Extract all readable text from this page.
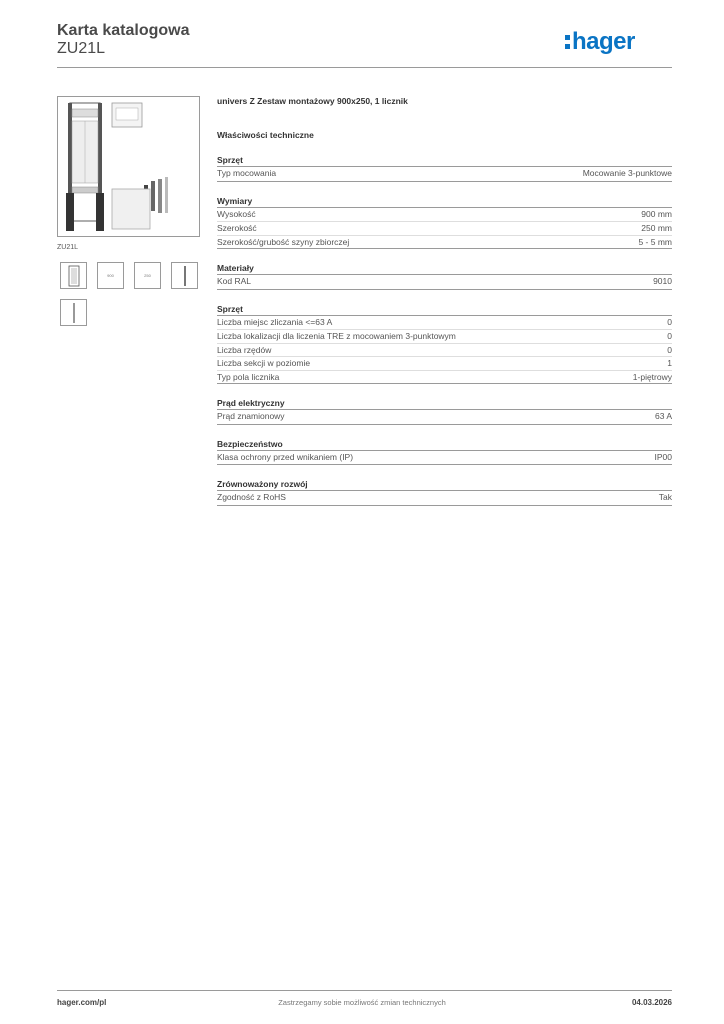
Karta katalogowa
ZU21L	hager
ZU21L
900	250
univers Z Zestaw montażowy 900x250, 1 licznik
Właściwości techniczne
Sprzęt
Typ mocowania	Mocowanie 3-punktowe
Wymiary
Wysokość	900 mm
Szerokość	250 mm
Szerokość/grubość szyny zbiorczej	5 - 5 mm
Materiały
Kod RAL	9010
Sprzęt
Liczba miejsc zliczania <=63 A	0
Liczba lokalizacji dla liczenia TRE z mocowaniem 3-punktowym	0
Liczba rzędów	0
Liczba sekcji w poziomie	1
Typ pola licznika	1-piętrowy
Prąd elektryczny
Prąd znamionowy	63 A
Bezpieczeństwo
Klasa ochrony przed wnikaniem (IP)	IP00
Zrównoważony rozwój
Zgodność z RoHS	Tak
hager.com/pl	Zastrzegamy sobie możliwość zmian technicznych	04.03.2026
